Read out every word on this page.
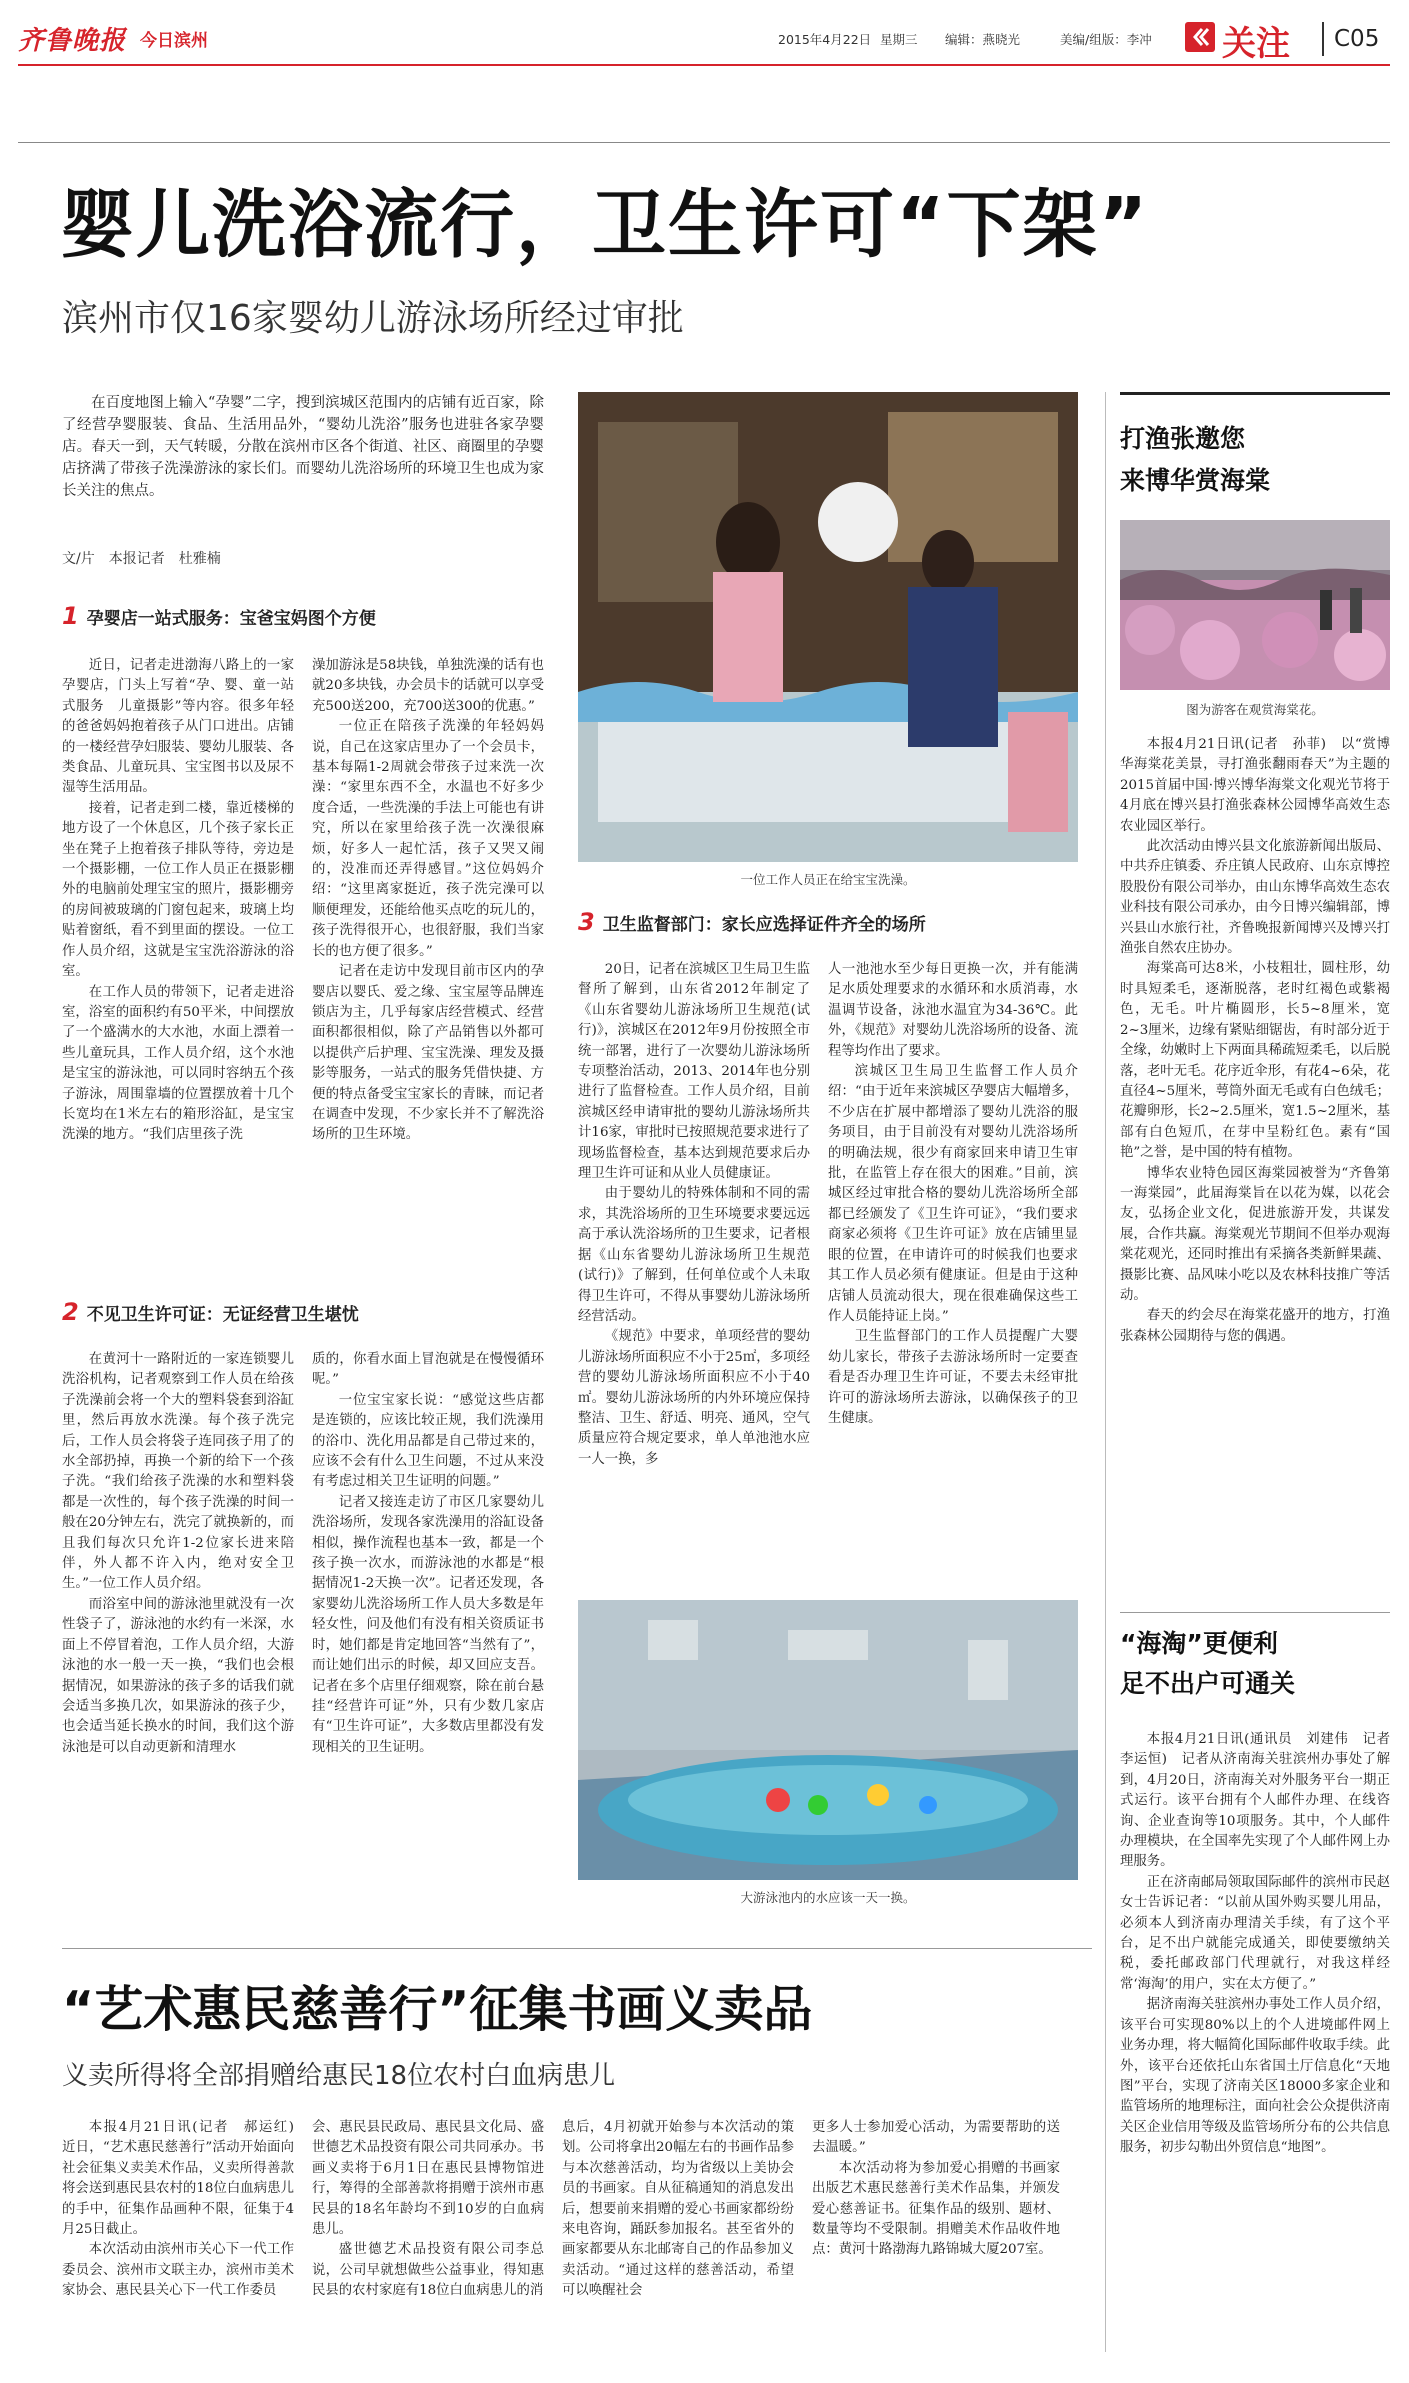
齐鲁晚报 今日滨州	2015年4月22日 星期三 编辑：燕晓光	美编/组版：李冲 关注 C05
婴儿洗浴流行，卫生许可“下架”
滨州市仅16家婴幼儿游泳场所经过审批
在百度地图上输入“孕婴”二字，搜到滨城区范围内的店铺有近百家，除了经营孕婴服装、食品、生活用品外，“婴幼儿洗浴”服务也进驻各家孕婴店。春天一到，天气转暖，分散在滨州市区各个街道、社区、商圈里的孕婴店挤满了带孩子洗澡游泳的家长们。而婴幼儿洗浴场所的环境卫生也成为家长关注的焦点。
文/片　本报记者　杜雅楠
1 孕婴店一站式服务：宝爸宝妈图个方便

近日，记者走进渤海八路上的一家孕婴店，门头上写着“孕、婴、童一站式服务　儿童摄影”等内容。很多年轻的爸爸妈妈抱着孩子从门口进出。店铺的一楼经营孕妇服装、婴幼儿服装、各类食品、儿童玩具、宝宝图书以及尿不湿等生活用品。

接着，记者走到二楼，靠近楼梯的地方设了一个休息区，几个孩子家长正坐在凳子上抱着孩子排队等待，旁边是一个摄影棚，一位工作人员正在摄影棚外的电脑前处理宝宝的照片，摄影棚旁的房间被玻璃的门窗包起来，玻璃上均贴着窗纸，看不到里面的摆设。一位工作人员介绍，这就是宝宝洗浴游泳的浴室。

在工作人员的带领下，记者走进浴室，浴室的面积约有50平米，中间摆放了一个盛满水的大水池，水面上漂着一些儿童玩具，工作人员介绍，这个水池是宝宝的游泳池，可以同时容纳五个孩子游泳，周围靠墙的位置摆放着十几个长宽均在1米左右的箱形浴缸，是宝宝洗澡的地方。“我们店里孩子洗

澡加游泳是58块钱，单独洗澡的话有也就20多块钱，办会员卡的话就可以享受充500送200，充700送300的优惠。”

一位正在陪孩子洗澡的年轻妈妈说，自己在这家店里办了一个会员卡，基本每隔1-2周就会带孩子过来洗一次澡：“家里东西不全，水温也不好多少度合适，一些洗澡的手法上可能也有讲究，所以在家里给孩子洗一次澡很麻烦，好多人一起忙活，孩子又哭又闹的，没准而还弄得感冒。”这位妈妈介绍：“这里离家挺近，孩子洗完澡可以顺便理发，还能给他买点吃的玩儿的，孩子洗得很开心，也很舒服，我们当家长的也方便了很多。”

记者在走访中发现目前市区内的孕婴店以婴氏、爱之缘、宝宝屋等品牌连锁店为主，几乎每家店经营模式、经营面积都很相似，除了产品销售以外都可以提供产后护理、宝宝洗澡、理发及摄影等服务，一站式的服务凭借快捷、方便的特点备受宝宝家长的青睐，而记者在调查中发现，不少家长并不了解洗浴场所的卫生环境。

2 不见卫生许可证：无证经营卫生堪忧

在黄河十一路附近的一家连锁婴儿洗浴机构，记者观察到工作人员在给孩子洗澡前会将一个大的塑料袋套到浴缸里，然后再放水洗澡。每个孩子洗完后，工作人员会将袋子连同孩子用了的水全部扔掉，再换一个新的给下一个孩子洗。“我们给孩子洗澡的水和塑料袋都是一次性的，每个孩子洗澡的时间一般在20分钟左右，洗完了就换新的，而且我们每次只允许1-2位家长进来陪伴，外人都不许入内，绝对安全卫生。”一位工作人员介绍。

而浴室中间的游泳池里就没有一次性袋子了，游泳池的水约有一米深，水面上不停冒着泡，工作人员介绍，大游泳池的水一般一天一换，“我们也会根据情况，如果游泳的孩子多的话我们就会适当多换几次，如果游泳的孩子少，也会适当延长换水的时间，我们这个游泳池是可以自动更新和清理水

质的，你看水面上冒泡就是在慢慢循环呢。”

一位宝宝家长说：“感觉这些店都是连锁的，应该比较正规，我们洗澡用的浴巾、洗化用品都是自己带过来的，应该不会有什么卫生问题，不过从来没有考虑过相关卫生证明的问题。”

记者又接连走访了市区几家婴幼儿洗浴场所，发现各家洗澡用的浴缸设备相似，操作流程也基本一致，都是一个孩子换一次水，而游泳池的水都是“根据情况1-2天换一次”。记者还发现，各家婴幼儿洗浴场所工作人员大多数是年轻女性，问及他们有没有相关资质证书时，她们都是肯定地回答“当然有了”，而让她们出示的时候，却又回应支吾。记者在多个店里仔细观察，除在前台悬挂“经营许可证”外，只有少数几家店有“卫生许可证”，大多数店里都没有发现相关的卫生证明。

一位工作人员正在给宝宝洗澡。
3 卫生监督部门：家长应选择证件齐全的场所

20日，记者在滨城区卫生局卫生监督所了解到，山东省2012年制定了《山东省婴幼儿游泳场所卫生规范(试行)》，滨城区在2012年9月份按照全市统一部署，进行了一次婴幼儿游泳场所专项整治活动，2013、2014年也分别进行了监督检查。工作人员介绍，目前滨城区经申请审批的婴幼儿游泳场所共计16家，审批时已按照规范要求进行了现场监督检查，基本达到规范要求后办理卫生许可证和从业人员健康证。

由于婴幼儿的特殊体制和不同的需求，其洗浴场所的卫生环境要求要远远高于承认洗浴场所的卫生要求，记者根据《山东省婴幼儿游泳场所卫生规范(试行)》了解到，任何单位或个人未取得卫生许可，不得从事婴幼儿游泳场所经营活动。

《规范》中要求，单项经营的婴幼儿游泳场所面积应不小于25㎡，多项经营的婴幼儿游泳场所面积应不小于40㎡。婴幼儿游泳场所的内外环境应保持整洁、卫生、舒适、明亮、通风，空气质量应符合规定要求，单人单池池水应一人一换，多

人一池池水至少每日更换一次，并有能满足水质处理要求的水循环和水质消毒，水温调节设备，泳池水温宜为34-36℃。此外，《规范》对婴幼儿洗浴场所的设备、流程等均作出了要求。

滨城区卫生局卫生监督工作人员介绍：“由于近年来滨城区孕婴店大幅增多，不少店在扩展中都增添了婴幼儿洗浴的服务项目，由于目前没有对婴幼儿洗浴场所的明确法规，很少有商家回来申请卫生审批，在监管上存在很大的困难。”目前，滨城区经过审批合格的婴幼儿洗浴场所全部都已经颁发了《卫生许可证》，“我们要求商家必须将《卫生许可证》放在店铺里显眼的位置，在申请许可的时候我们也要求其工作人员必须有健康证。但是由于这种店铺人员流动很大，现在很难确保这些工作人员能持证上岗。”

卫生监督部门的工作人员提醒广大婴幼儿家长，带孩子去游泳场所时一定要查看是否办理卫生许可证，不要去未经审批许可的游泳场所去游泳，以确保孩子的卫生健康。

大游泳池内的水应该一天一换。
“艺术惠民慈善行”征集书画义卖品
义卖所得将全部捐赠给惠民18位农村白血病患儿

本报4月21日讯(记者　郝运红)　近日，“艺术惠民慈善行”活动开始面向社会征集义卖美术作品，义卖所得善款将会送到惠民县农村的18位白血病患儿的手中，征集作品画种不限，征集于4月25日截止。

本次活动由滨州市关心下一代工作委员会、滨州市文联主办，滨州市美术家协会、惠民县关心下一代工作委员

会、惠民县民政局、惠民县文化局、盛世德艺术品投资有限公司共同承办。书画义卖将于6月1日在惠民县博物馆进行，筹得的全部善款将捐赠于滨州市惠民县的18名年龄均不到10岁的白血病患儿。

盛世德艺术品投资有限公司李总说，公司早就想做些公益事业，得知惠民县的农村家庭有18位白血病患儿的消

息后，4月初就开始参与本次活动的策划。公司将拿出20幅左右的书画作品参与本次慈善活动，均为省级以上美协会员的书画家。自从征稿通知的消息发出后，想要前来捐赠的爱心书画家都纷纷来电咨询，踊跃参加报名。甚至省外的画家都要从东北邮寄自己的作品参加义卖活动。“通过这样的慈善活动，希望可以唤醒社会

更多人士参加爱心活动，为需要帮助的送去温暖。”

本次活动将为参加爱心捐赠的书画家出版艺术惠民慈善行美术作品集，并颁发爱心慈善证书。征集作品的级别、题材、数量等均不受限制。捐赠美术作品收件地点：黄河十路渤海九路锦城大厦207室。

打渔张邀您
来博华赏海棠
图为游客在观赏海棠花。

本报4月21日讯(记者　孙菲)　以“赏博华海棠花美景，寻打渔张翻雨春天”为主题的2015首届中国·博兴博华海棠文化观光节将于4月底在博兴县打渔张森林公园博华高效生态农业园区举行。

此次活动由博兴县文化旅游新闻出版局、中共乔庄镇委、乔庄镇人民政府、山东京博控股股份有限公司举办，由山东博华高效生态农业科技有限公司承办，由今日博兴编辑部，博兴县山水旅行社，齐鲁晚报新闻博兴及博兴打渔张自然农庄协办。

海棠高可达8米，小枝粗壮，圆柱形，幼时具短柔毛，逐渐脱落，老时红褐色或紫褐色，无毛。叶片椭圆形，长5~8厘米，宽2~3厘米，边缘有紧贴细锯齿，有时部分近于全缘，幼嫩时上下两面具稀疏短柔毛，以后脱落，老叶无毛。花序近伞形，有花4~6朵，花直径4~5厘米，萼筒外面无毛或有白色绒毛；花瓣卵形，长2~2.5厘米，宽1.5~2厘米，基部有白色短爪，在芽中呈粉红色。素有“国艳”之誉，是中国的特有植物。

博华农业特色园区海棠园被誉为“齐鲁第一海棠园”，此届海棠旨在以花为媒，以花会友，弘扬企业文化，促进旅游开发，共谋发展，合作共赢。海棠观光节期间不但举办观海棠花观光，还同时推出有采摘各类新鲜果蔬、摄影比赛、品风味小吃以及农林科技推广等活动。

春天的约会尽在海棠花盛开的地方，打渔张森林公园期待与您的偶遇。

“海淘”更便利
足不出户可通关

本报4月21日讯(通讯员　刘建伟　记者　李运恒)　记者从济南海关驻滨州办事处了解到，4月20日，济南海关对外服务平台一期正式运行。该平台拥有个人邮件办理、在线咨询、企业查询等10项服务。其中，个人邮件办理模块，在全国率先实现了个人邮件网上办理服务。

正在济南邮局领取国际邮件的滨州市民赵女士告诉记者：“以前从国外购买婴儿用品，必须本人到济南办理清关手续，有了这个平台，足不出户就能完成通关，即使要缴纳关税，委托邮政部门代理就行，对我这样经常‘海淘’的用户，实在太方便了。”

据济南海关驻滨州办事处工作人员介绍，该平台可实现80%以上的个人进境邮件网上业务办理，将大幅简化国际邮件收取手续。此外，该平台还依托山东省国土厅信息化“天地图”平台，实现了济南关区18000多家企业和监管场所的地理标注，面向社会公众提供济南关区企业信用等级及监管场所分布的公共信息服务，初步勾勒出外贸信息“地图”。
